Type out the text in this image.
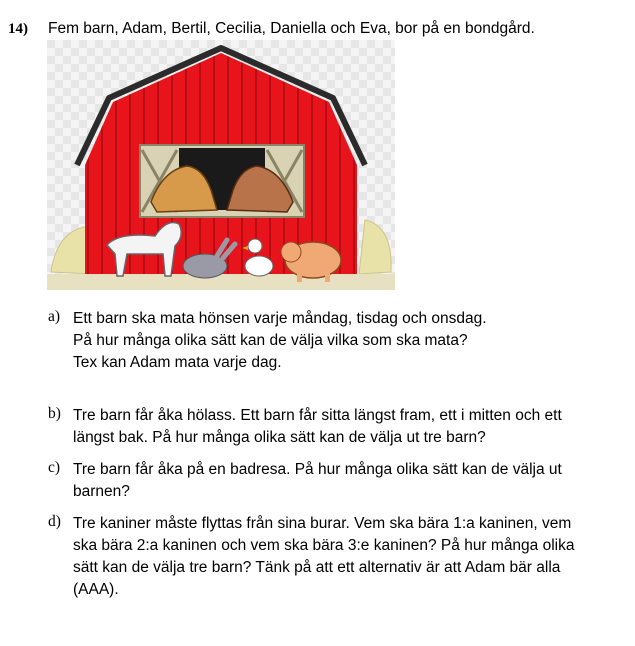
14) Fem barn, Adam, Bertil, Cecilia, Daniella och Eva, bor på en bondgård.
a) Ett barn ska mata hönsen varje måndag, tisdag och onsdag.
På hur många olika sätt kan de välja vilka som ska mata?
Tex kan Adam mata varje dag.
b) Tre barn får åka hölass. Ett barn får sitta längst fram, ett i mitten och ett
längst bak. På hur många olika sätt kan de välja ut tre barn?
c) Tre barn får åka på en badresa. På hur många olika sätt kan de välja ut
barnen?
d) Tre kaniner måste flyttas från sina burar. Vem ska bära 1:a kaninen, vem
ska bära 2:a kaninen och vem ska bära 3:e kaninen? På hur många olika
sätt kan de välja tre barn? Tänk på att ett alternativ är att Adam bär alla
(AAA).
